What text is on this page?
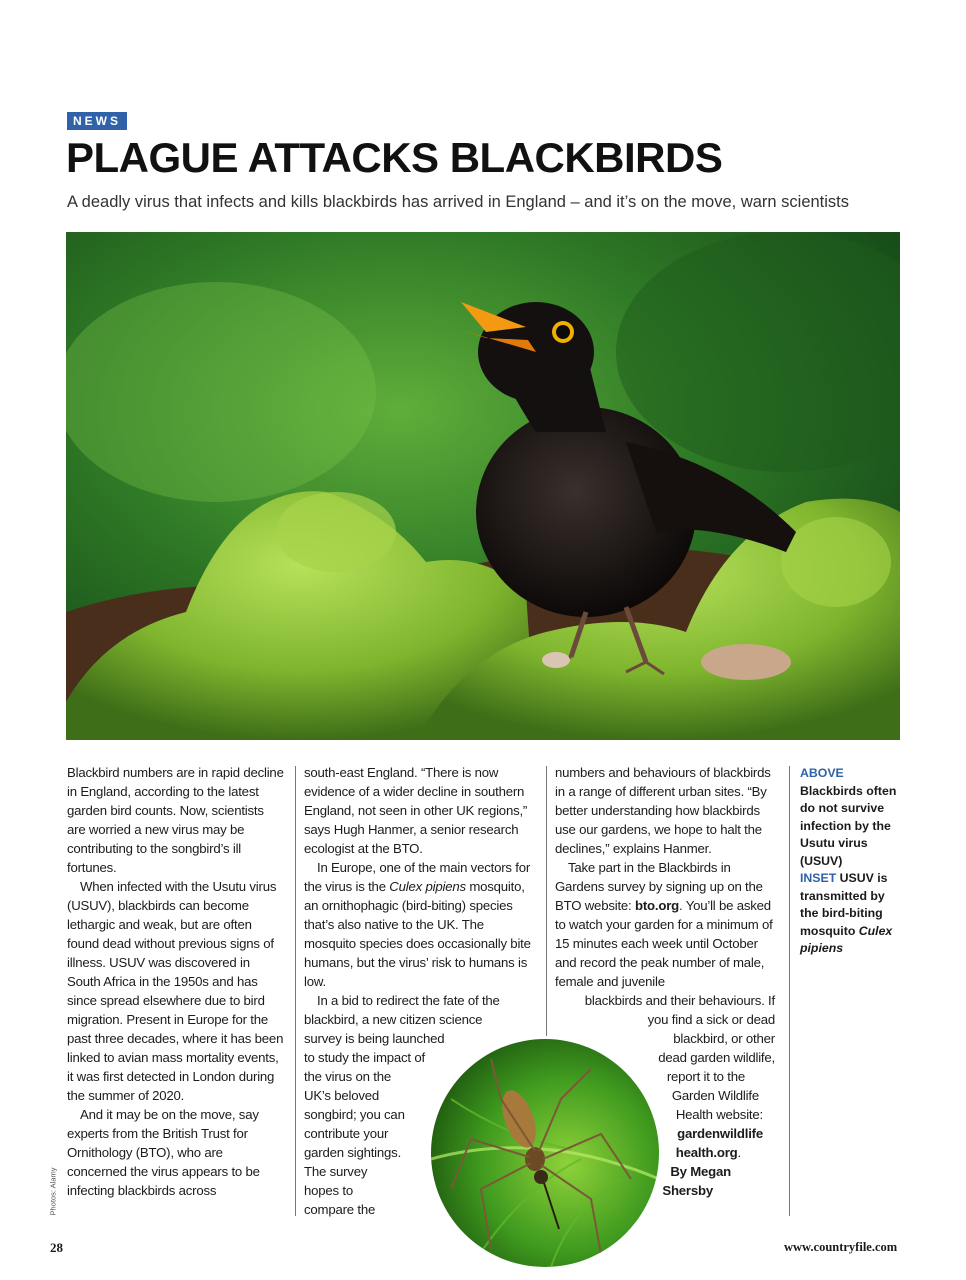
NEWS
PLAGUE ATTACKS BLACKBIRDS
A deadly virus that infects and kills blackbirds has arrived in England – and it’s on the move, warn scientists

Blackbird numbers are in rapid decline in England, according to the latest garden bird counts. Now, scientists are worried a new virus may be contributing to the songbird’s ill fortunes.

When infected with the Usutu virus (USUV), blackbirds can become lethargic and weak, but are often found dead without previous signs of illness. USUV was discovered in South Africa in the 1950s and has since spread elsewhere due to bird migration. Present in Europe for the past three decades, where it has been linked to avian mass mortality events, it was first detected in London during the summer of 2020.

And it may be on the move, say experts from the British Trust for Ornithology (BTO), who are concerned the virus appears to be infecting blackbirds across

south-east England. “There is now evidence of a wider decline in southern England, not seen in other UK regions,” says Hugh Hanmer, a senior research ecologist at the BTO.

In Europe, one of the main vectors for the virus is the Culex pipiens mosquito, an ornithophagic (bird-biting) species that’s also native to the UK. The mosquito species does occasionally bite humans, but the virus’ risk to humans is low.

In a bid to redirect the fate of the
blackbird, a new citizen science
survey is being launched
to study the impact of
the virus on the
UK’s beloved
songbird; you can
contribute your
garden sightings.
The survey
hopes to
compare the

numbers and behaviours of blackbirds in a range of different urban sites. “By better understanding how blackbirds use our gardens, we hope to halt the declines,” explains Hanmer.

Take part in the Blackbirds in Gardens survey by signing up on the BTO website: bto.org. You’ll be asked to watch your garden for a minimum of 15 minutes each week until October and record the peak number of male, female and juvenile

blackbirds and their behaviours. If
you find a sick or dead
blackbird, or other
dead garden wildlife,
report it to the
Garden Wildlife
Health website:
gardenwildlife
health.org.
By Megan
Shersby
ABOVE
Blackbirds often do not survive infection by the Usutu virus (USUV)
INSET USUV is transmitted by the bird-biting mosquito Culex pipiens
Photos: Alamy
28	www.countryfile.com
